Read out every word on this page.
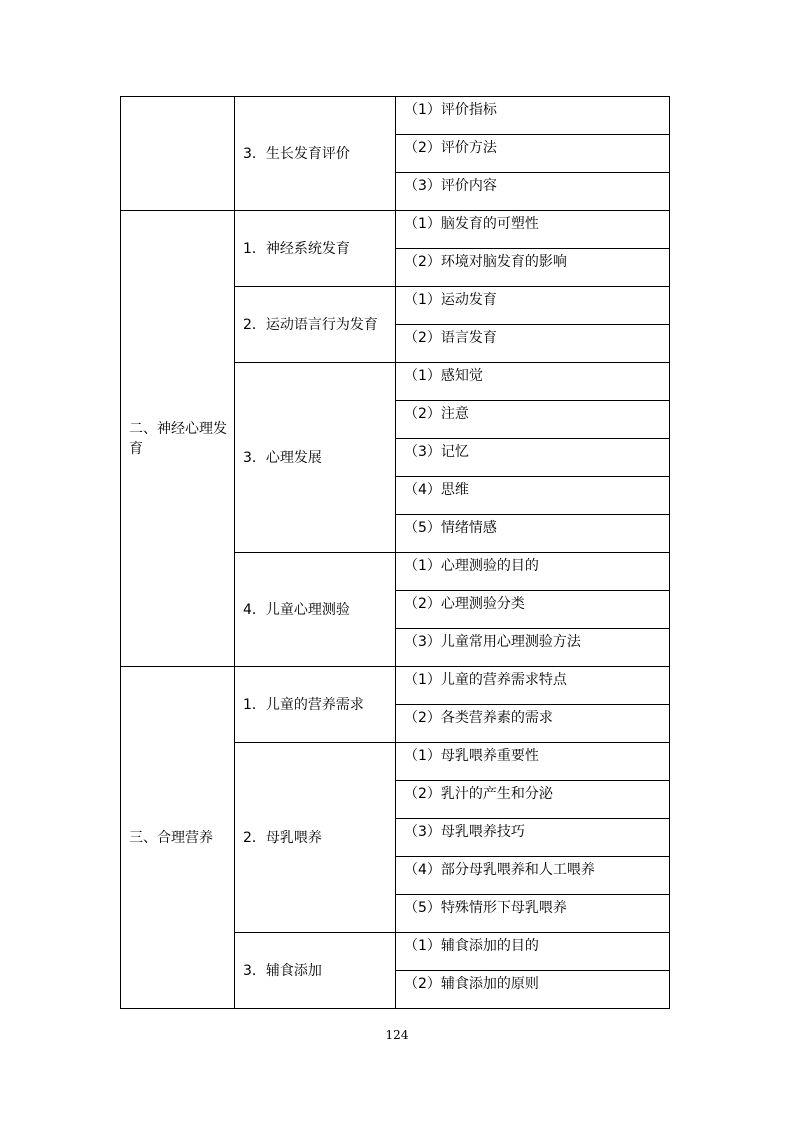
	3．生长发育评价	（1）评价指标
		（2）评价方法
		（3）评价内容
二、神经心理发育	1．神经系统发育	（1）脑发育的可塑性
		（2）环境对脑发育的影响
	2．运动语言行为发育	（1）运动发育
		（2）语言发育
	3．心理发展	（1）感知觉
		（2）注意
		（3）记忆
		（4）思维
		（5）情绪情感
	4．儿童心理测验	（1）心理测验的目的
		（2）心理测验分类
		（3）儿童常用心理测验方法
三、合理营养	1．儿童的营养需求	（1）儿童的营养需求特点
		（2）各类营养素的需求
	2．母乳喂养	（1）母乳喂养重要性
		（2）乳汁的产生和分泌
		（3）母乳喂养技巧
		（4）部分母乳喂养和人工喂养
		（5）特殊情形下母乳喂养
	3．辅食添加	（1）辅食添加的目的
		（2）辅食添加的原则
124
